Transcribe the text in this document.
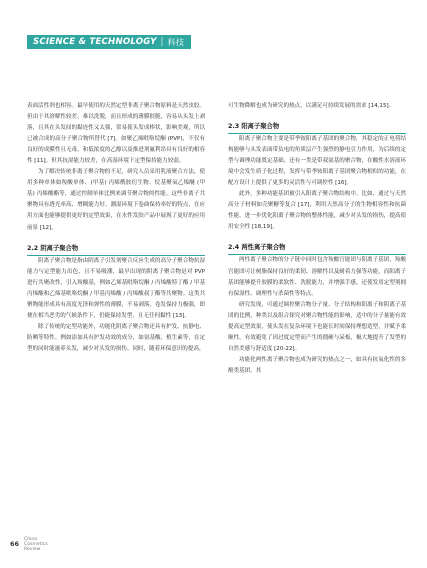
SCIENCE & TECHNOLOGY | 科技

表面活性剂也相容。最早使用的天然定型非离子聚合物原料是天然虫胶。但由于其溶解性较差，难以洗脱，而且形成的薄膜很脆，容易从头发上剥落，且其在头发间的黏连性又太强，常易使头发成棒状，影响美观，所以已被合成的高分子聚合物所替代 [7]。如聚乙烯吡咯烷酮 (PVP)，不仅有良好的成膜性且无毒，和低浓度的乙醇以及推进剂氟利昂具有良好的相容性 [11]。但其抗湿能力较差，在高湿环境下定型保持能力较弱。

为了解决传统非离子聚合物的不足，研究人员采用乳液聚合方法，使用多种单体如羧酸单体、(甲基) 丙烯酰胺衍生物、烷基聚氧乙烯醚 (甲基) 丙烯酸酯等，通过控制单体比例来调节聚合物的性能。这些非离子共聚物具有透光率高、增稠能力好、潮湿环境下卷曲保持率好的特点，在应用方面也能够提供更好的定型效果，在水性发胶产品中展现了更好的应用前景 [12]。

2.2 阴离子聚合物

阴离子聚合物是指由阴离子引发剂聚合反应生成的高分子聚合物抗湿能力与定型能力出色，且不易吸潮，最早出现的阴离子聚合物是对 PVP 进行共聚改性，引入羧酸基，例如乙烯基吡咯烷酮 / 丙烯酸特丁酯 / 甲基丙烯酸和乙烯基吡咯烷酮 / 甲基丙烯酸 / 丙烯酸叔丁酯等共聚物。这类共聚物能形成具有高度光泽和弹性的薄膜，不易剥落，卷发保持力极强，即便在相当恶劣的气候条件下，仍能保持发型，且无任何黏性 [13]。

除了传统的定型功能外，功能化阴离子聚合物还具有护发、抗静电、防晒等特性。例如添加具有护发功效的成分，如氨基酸、植生素等，在定型的同时能滋养头发，减少对头发的损伤。同时，随着环保意识的提高，

可生物降解也成为研究的热点，以满足可持续发展的需求 [14,15]。

2.3 阳离子聚合物

阳离子聚合物主要是带季铵阳离子基团的聚合物，其稳定的正电荷结构能够与头发表面带负电的角质层产生强烈的静电引力作用，为后续的定型与调理功能奠定基础。还有一类是带叔氨基的聚合物，在酸性水溶液环境中会发生质子化过程，发挥与带季铵阳离子基团聚合物相似的功能，在配方设计上提供了更多的灵活性与可调控性 [16]。

此外，多种功能基团被引入阳离子聚合物结构中。比如，通过与天然高分子材料如壳聚糖等复合 [17]，利用天然高分子的生物相容性和抗菌性能，进一步优化阳离子聚合物的整体性能，减少对头发的损伤，提高使用安全性 [18,19]。

2.4 两性离子聚合物

两性离子聚合物的分子链中同时包含羧酸官能团与阳离子基团，羧酸官能团可让树脂保持良好的柔韧、溶解性以及耐着力强等功能，而阳离子基团能够提升胶膜的柔软性、洗脱能力，并增强手感，还使发用定型剂拥有保湿性、调理性与杀菌性等特点。

研究发现，可通过调控聚合物分子量、分子结构和阳离子和阴离子基团的比例，种类以及组合探究对聚合物性能的影响，适中的分子量能有效提高定型效果，使头发在复杂环境下也能长时间保持理想造型，并赋予柔顺性，有效避免了因过度定型而产生的僵硬与呆板，极大地提升了发型的自然美感与舒适度 [20-22]。

功能化两性离子聚合物也成为研究的热点之一，如具有抗氧化性的多酚类基团，其

66
China
Cosmetics
Review
